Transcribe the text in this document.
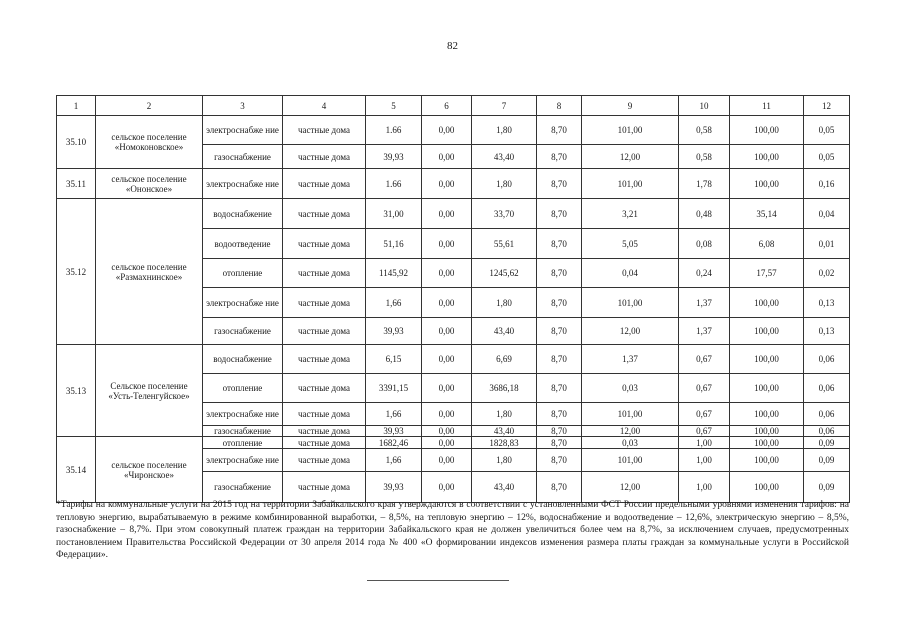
82
1	2	3	4	5	6	7	8	9	10	11	12
35.10	сельское поселение «Номоконовское»	электроснабже ние	частные дома	1.66	0,00	1,80	8,70	101,00	0,58	100,00	0,05
		газоснабжение	частные дома	39,93	0,00	43,40	8,70	12,00	0,58	100,00	0,05
35.11	сельское поселение «Ононское»	электроснабже ние	частные дома	1.66	0,00	1,80	8,70	101,00	1,78	100,00	0,16
35.12	сельское поселение «Размахнинское»	водоснабжение	частные дома	31,00	0,00	33,70	8,70	3,21	0,48	35,14	0,04
		водоотведение	частные дома	51,16	0,00	55,61	8,70	5,05	0,08	6,08	0,01
		отопление	частные дома	1145,92	0,00	1245,62	8,70	0,04	0,24	17,57	0,02
		электроснабже ние	частные дома	1,66	0,00	1,80	8,70	101,00	1,37	100,00	0,13
		газоснабжение	частные дома	39,93	0,00	43,40	8,70	12,00	1,37	100,00	0,13
35.13	Сельское поселение «Усть-Теленгуйское»	водоснабжение	частные дома	6,15	0,00	6,69	8,70	1,37	0,67	100,00	0,06
		отопление	частные дома	3391,15	0,00	3686,18	8,70	0,03	0,67	100,00	0,06
		электроснабже ние	частные дома	1,66	0,00	1,80	8,70	101,00	0,67	100,00	0,06
		газоснабжение	частные дома	39,93	0,00	43,40	8,70	12,00	0,67	100,00	0,06
35.14	сельское поселение «Чиронское»	отопление	частные дома	1682,46	0,00	1828,83	8,70	0,03	1,00	100,00	0,09
		электроснабже ние	частные дома	1,66	0,00	1,80	8,70	101,00	1,00	100,00	0,09
		газоснабжение	частные дома	39,93	0,00	43,40	8,70	12,00	1,00	100,00	0,09
*Тарифы на коммунальные услуги на 2015 год на территории Забайкальского края утверждаются в соответствии с установленными ФСТ России предельными уровнями изменения тарифов: на тепловую энергию, вырабатываемую в режиме комбинированной выработки, – 8,5%, на тепловую энергию – 12%, водоснабжение и водоотведение – 12,6%, электрическую энергию – 8,5%, газоснабжение – 8,7%. При этом совокупный платеж граждан на территории Забайкальского края не должен увеличиться более чем на 8,7%, за исключением случаев, предусмотренных постановлением Правительства Российской Федерации от 30 апреля 2014 года № 400 «О формировании индексов изменения размера платы граждан за коммунальные услуги в Российской Федерации».
